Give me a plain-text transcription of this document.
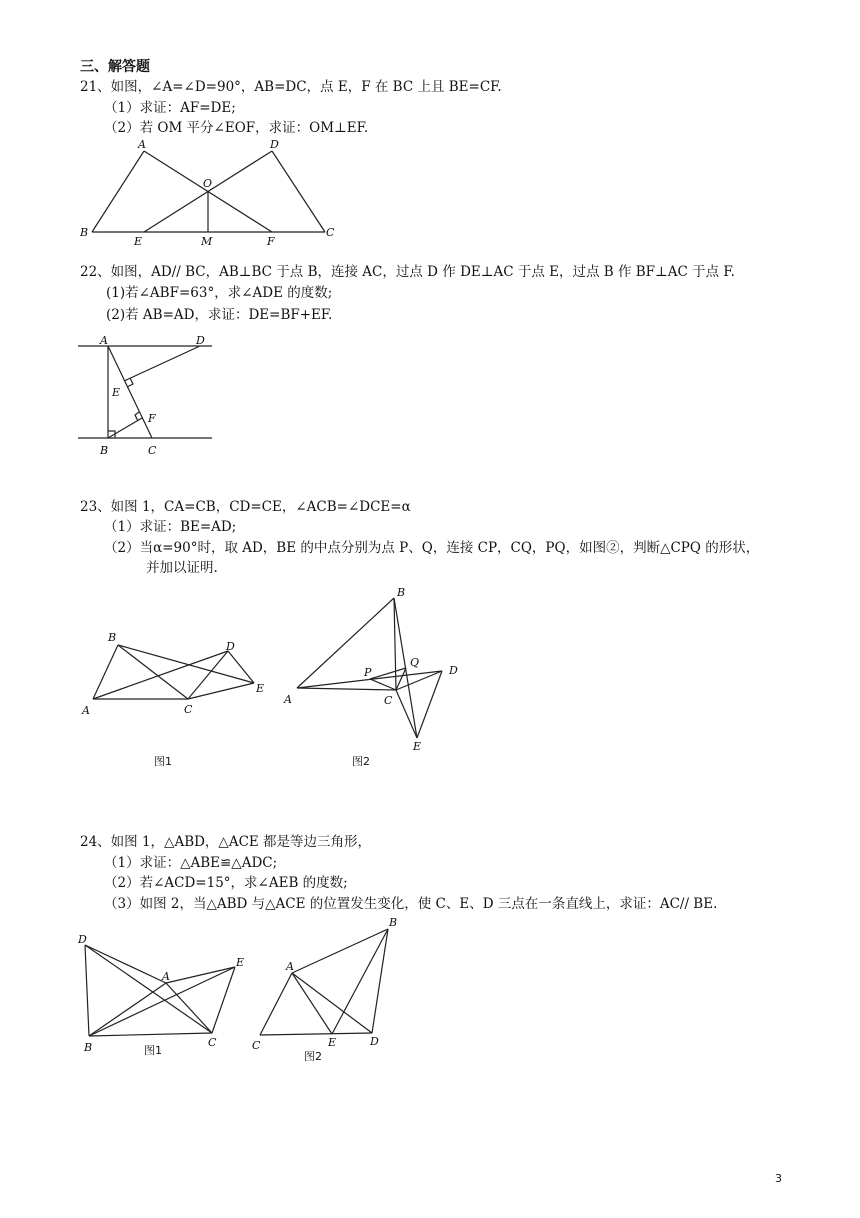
三、解答题
21、如图，∠A=∠D=90°，AB=DC，点 E，F 在 BC 上且 BE=CF.
（1）求证：AF=DE;
（2）若 OM 平分∠EOF，求证：OM⊥EF.
A	D
O
B
E	M	F
C
22、如图，AD// BC，AB⊥BC 于点 B，连接 AC，过点 D 作 DE⊥AC 于点 E，过点 B 作 BF⊥AC 于点 F.
(1)若∠ABF=63°，求∠ADE 的度数;
(2)若 AB=AD，求证：DE=BF+EF.
A	D
E
F
B	C
23、如图 1，CA=CB，CD=CE，∠ACB=∠DCE=α
（1）求证：BE=AD;
（2）当α=90°时，取 AD，BE 的中点分别为点 P、Q，连接 CP，CQ，PQ，如图②，判断△CPQ 的形状，
并加以证明.
B
D
E
A	C
图1
B
P
Q
D
A	C
E
图2
24、如图 1，△ABD，△ACE 都是等边三角形，
（1）求证：△ABE≌△ADC;
（2）若∠ACD=15°，求∠AEB 的度数;
（3）如图 2，当△ABD 与△ACE 的位置发生变化，使 C、E、D 三点在一条直线上，求证：AC// BE.
D
A
E
B	C
图1
B
A
C	E	D
图2
3
